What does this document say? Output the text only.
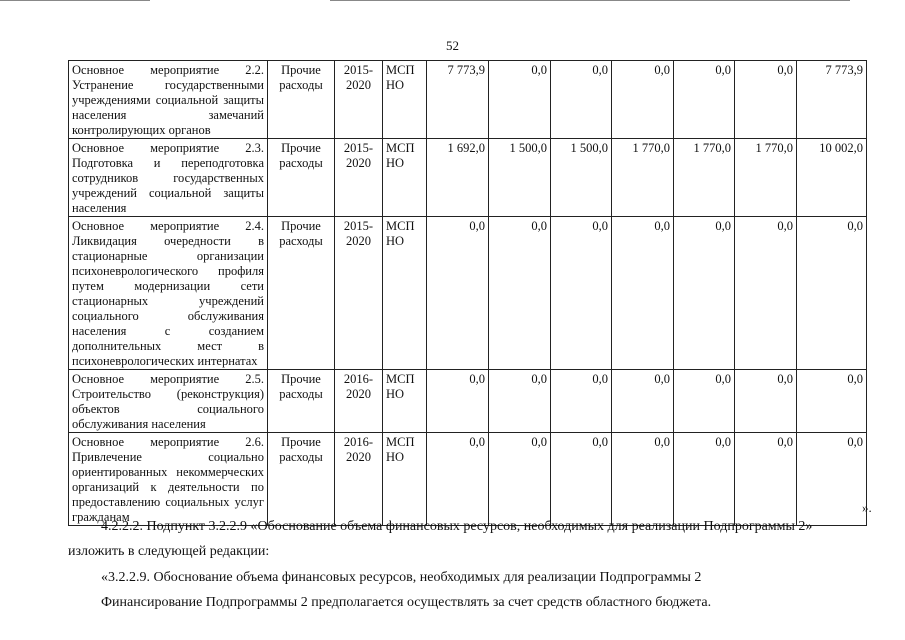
52
Основное мероприятие 2.2. Устранение государственными учреждениями социальной защиты населения замечаний контролирующих органов	Прочие расходы	2015-2020	МСП НО	7 773,9	0,0	0,0	0,0	0,0	0,0	7 773,9
Основное мероприятие 2.3. Подготовка и переподготовка сотрудников государственных учреждений социальной защиты населения	Прочие расходы	2015-2020	МСП НО	1 692,0	1 500,0	1 500,0	1 770,0	1 770,0	1 770,0	10 002,0
Основное мероприятие 2.4. Ликвидация очередности в стационарные организации психоневрологического профиля путем модернизации сети стационарных учреждений социального обслуживания населения с созданием дополнительных мест в психоневрологических интернатах	Прочие расходы	2015-2020	МСП НО	0,0	0,0	0,0	0,0	0,0	0,0	0,0
Основное мероприятие 2.5. Строительство (реконструкция) объектов социального обслуживания населения	Прочие расходы	2016-2020	МСП НО	0,0	0,0	0,0	0,0	0,0	0,0	0,0
Основное мероприятие 2.6. Привлечение социально ориентированных некоммерческих организаций к деятельности по предоставлению социальных услуг гражданам	Прочие расходы	2016-2020	МСП НО	0,0	0,0	0,0	0,0	0,0	0,0	0,0
».
4.2.2.2. Подпункт 3.2.2.9 «Обоснование объема финансовых ресурсов, необходимых для реализации Подпрограммы 2»
изложить в следующей редакции:
«3.2.2.9. Обоснование объема финансовых ресурсов, необходимых для реализации Подпрограммы 2
Финансирование Подпрограммы 2 предполагается осуществлять за счет средств областного бюджета.
